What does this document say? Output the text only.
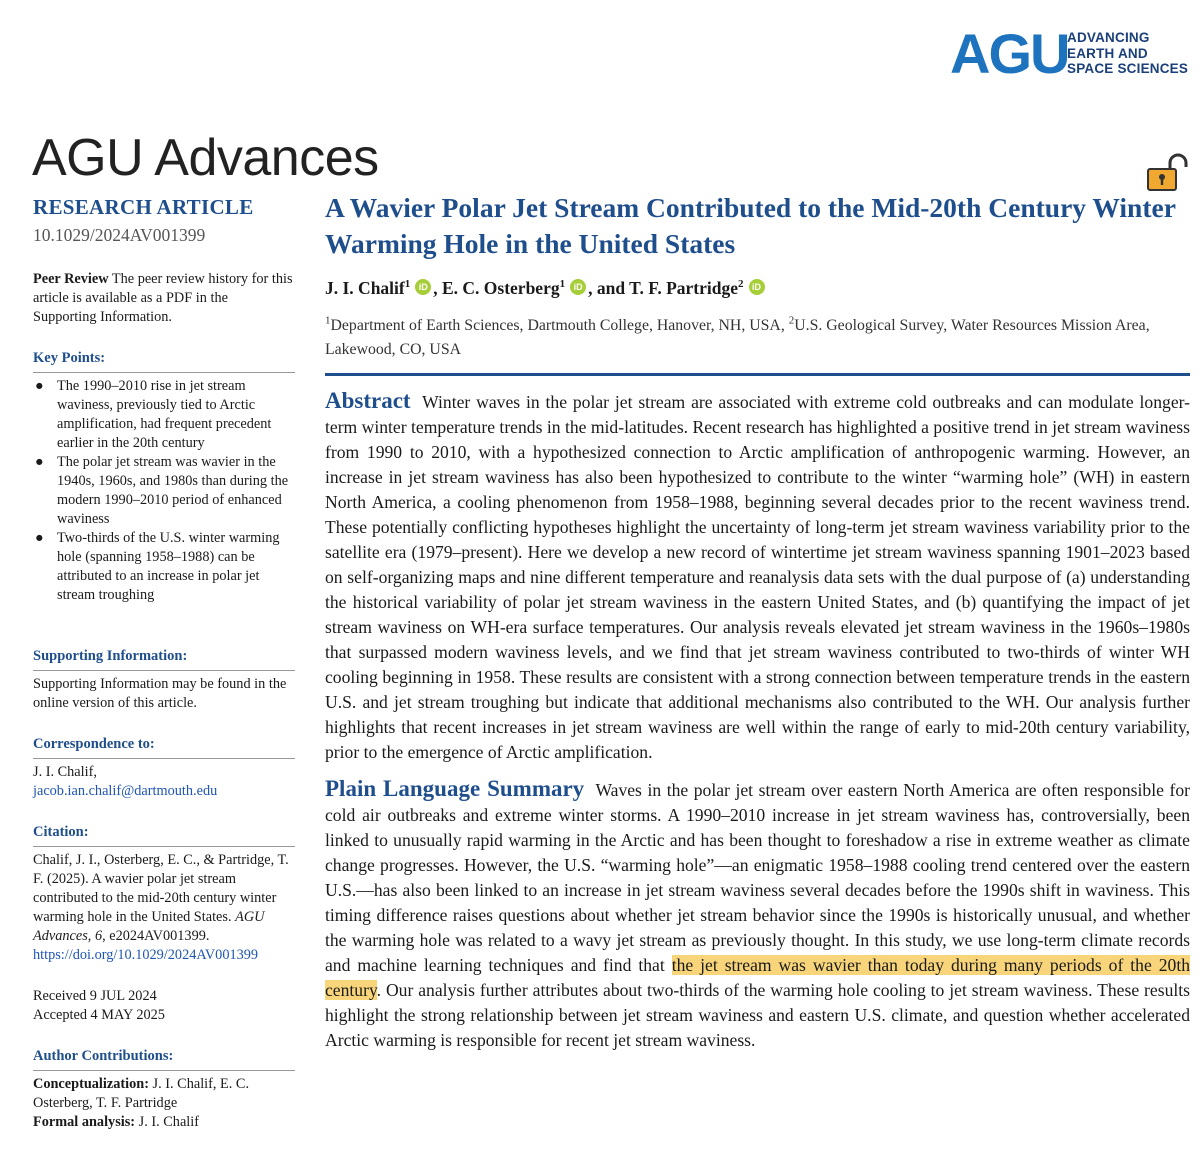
AGU
ADVANCING
EARTH AND
SPACE SCIENCES
AGU Advances
RESEARCH ARTICLE
10.1029/2024AV001399
Peer Review The peer review history for this article is available as a PDF in the Supporting Information.
Key Points:
● The 1990–2010 rise in jet stream waviness, previously tied to Arctic amplification, had frequent precedent earlier in the 20th century
● The polar jet stream was wavier in the 1940s, 1960s, and 1980s than during the modern 1990–2010 period of enhanced waviness
● Two-thirds of the U.S. winter warming hole (spanning 1958–1988) can be attributed to an increase in polar jet stream troughing
Supporting Information:
Supporting Information may be found in the online version of this article.
Correspondence to:
J. I. Chalif,
jacob.ian.chalif@dartmouth.edu
Citation:
Chalif, J. I., Osterberg, E. C., & Partridge, T. F. (2025). A wavier polar jet stream contributed to the mid-20th century winter warming hole in the United States. AGU Advances, 6, e2024AV001399. https://doi.org/10.1029/2024AV001399
Received 9 JUL 2024
Accepted 4 MAY 2025
Author Contributions:
Conceptualization: J. I. Chalif, E. C. Osterberg, T. F. Partridge
Formal analysis: J. I. Chalif
A Wavier Polar Jet Stream Contributed to the Mid-20th Century Winter Warming Hole in the United States
J. I. Chalif$^1$ iD , E. C. Osterberg$^1$ iD , and T. F. Partridge$^2$ iD
$^1$Department of Earth Sciences, Dartmouth College, Hanover, NH, USA, $^2$U.S. Geological Survey, Water Resources Mission Area, Lakewood, CO, USA

Abstract Winter waves in the polar jet stream are associated with extreme cold outbreaks and can modulate longer-term winter temperature trends in the mid-latitudes. Recent research has highlighted a positive trend in jet stream waviness from 1990 to 2010, with a hypothesized connection to Arctic amplification of anthropogenic warming. However, an increase in jet stream waviness has also been hypothesized to contribute to the winter “warming hole” (WH) in eastern North America, a cooling phenomenon from 1958–1988, beginning several decades prior to the recent waviness trend. These potentially conflicting hypotheses highlight the uncertainty of long-term jet stream waviness variability prior to the satellite era (1979–present). Here we develop a new record of wintertime jet stream waviness spanning 1901–2023 based on self-organizing maps and nine different temperature and reanalysis data sets with the dual purpose of (a) understanding the historical variability of polar jet stream waviness in the eastern United States, and (b) quantifying the impact of jet stream waviness on WH-era surface temperatures. Our analysis reveals elevated jet stream waviness in the 1960s–1980s that surpassed modern waviness levels, and we find that jet stream waviness contributed to two-thirds of winter WH cooling beginning in 1958. These results are consistent with a strong connection between temperature trends in the eastern U.S. and jet stream troughing but indicate that additional mechanisms also contributed to the WH. Our analysis further highlights that recent increases in jet stream waviness are well within the range of early to mid-20th century variability, prior to the emergence of Arctic amplification.

Plain Language Summary Waves in the polar jet stream over eastern North America are often responsible for cold air outbreaks and extreme winter storms. A 1990–2010 increase in jet stream waviness has, controversially, been linked to unusually rapid warming in the Arctic and has been thought to foreshadow a rise in extreme weather as climate change progresses. However, the U.S. “warming hole”—an enigmatic 1958–1988 cooling trend centered over the eastern U.S.—has also been linked to an increase in jet stream waviness several decades before the 1990s shift in waviness. This timing difference raises questions about whether jet stream behavior since the 1990s is historically unusual, and whether the warming hole was related to a wavy jet stream as previously thought. In this study, we use long-term climate records and machine learning techniques and find that the jet stream was wavier than today during many periods of the 20th century. Our analysis further attributes about two-thirds of the warming hole cooling to jet stream waviness. These results highlight the strong relationship between jet stream waviness and eastern U.S. climate, and question whether accelerated Arctic warming is responsible for recent jet stream waviness.
